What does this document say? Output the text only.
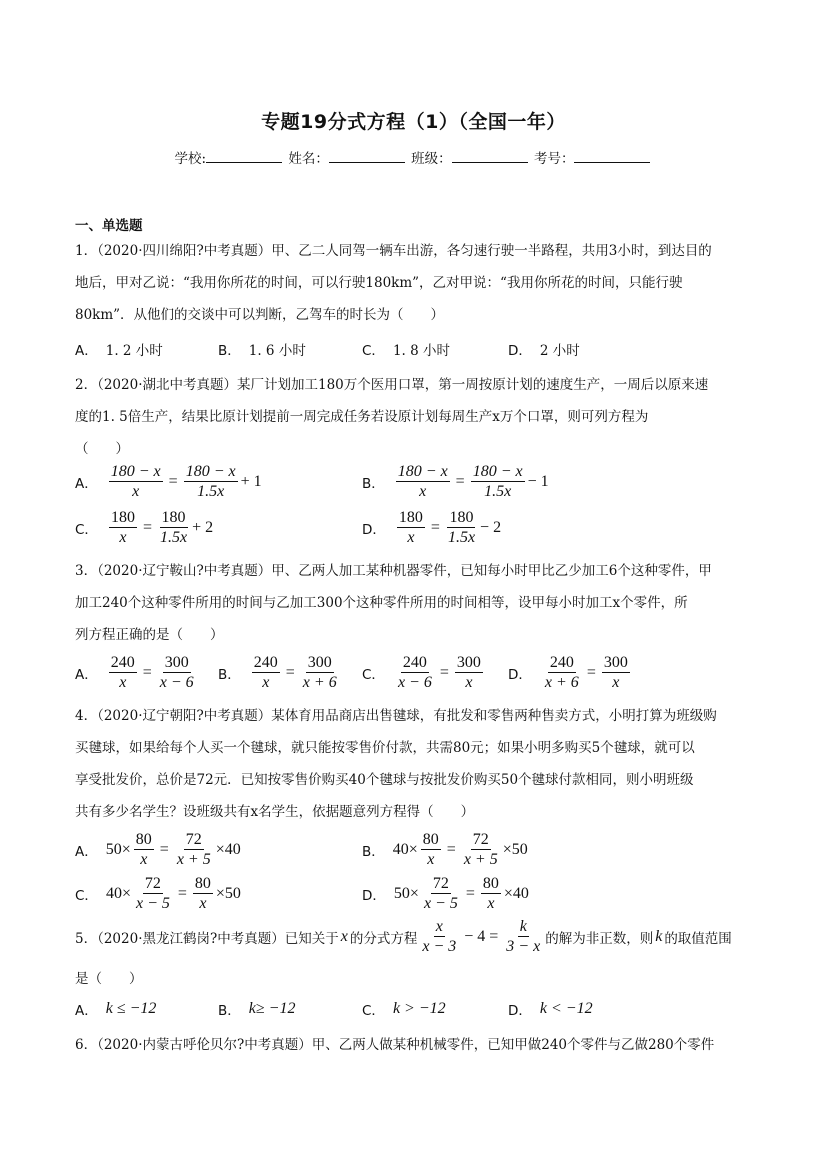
专题19分式方程（1）（全国一年）
学校:	姓名：	班级：	考号：
一、单选题
1．（2020·四川绵阳?中考真题）甲、乙二人同驾一辆车出游，各匀速行驶一半路程，共用3小时，到达目的
地后，甲对乙说：“我用你所花的时间，可以行驶180km”，乙对甲说：“我用你所花的时间，只能行驶
80km”．从他们的交谈中可以判断，乙驾车的时长为（　　）
A． 1. 2 小时	B． 1. 6 小时	C． 1. 8 小时	D． 2 小时
2．（2020·湖北中考真题）某厂计划加工180万个医用口罩，第一周按原计划的速度生产，一周后以原来速
度的1. 5倍生产，结果比原计划提前一周完成任务若设原计划每周生产x万个口罩，则可列方程为
（　　）
A． $\frac{180 - x}{x} = \frac{180 - x}{1.5x} + 1$	B． $\frac{180 - x}{x} = \frac{180 - x}{1.5x} - 1$
C． $\frac{180}{x} = \frac{180}{1.5x} + 2$	D． $\frac{180}{x} = \frac{180}{1.5x} - 2$
3．（2020·辽宁鞍山?中考真题）甲、乙两人加工某种机器零件，已知每小时甲比乙少加工6个这种零件，甲
加工240个这种零件所用的时间与乙加工300个这种零件所用的时间相等，设甲每小时加工x个零件，所
列方程正确的是（　　）
A． $\frac{240}{x} = \frac{300}{x - 6}$ B． $\frac{240}{x} = \frac{300}{x + 6}$ C． $\frac{240}{x - 6} = \frac{300}{x}$ D． $\frac{240}{x + 6} = \frac{300}{x}$
4．（2020·辽宁朝阳?中考真题）某体育用品商店出售毽球，有批发和零售两种售卖方式，小明打算为班级购
买毽球，如果给每个人买一个毽球，就只能按零售价付款，共需80元；如果小明多购买5个毽球，就可以
享受批发价，总价是72元．已知按零售价购买40个毽球与按批发价购买50个毽球付款相同，则小明班级
共有多少名学生？设班级共有x名学生，依据题意列方程得（　　）
A． $50\times \frac{80}{x} = \frac{72}{x + 5} \times 40$	B． $40\times \frac{80}{x} = \frac{72}{x + 5} \times 50$
C． $40\times \frac{72}{x - 5} = \frac{80}{x} \times 50$	D． $50\times \frac{72}{x - 5} = \frac{80}{x} \times 40$
5．（2020·黑龙江鹤岗?中考真题）已知关于 x 的分式方程 $\frac{x}{x - 3} - 4 = \frac{k}{3 - x}$ 的解为非正数，则 k 的取值范围
是（　　）
A． k ≤ −12	B． k≥ −12	C． k > −12	D． k < −12
6．（2020·内蒙古呼伦贝尔?中考真题）甲、乙两人做某种机械零件，已知甲做240个零件与乙做280个零件
